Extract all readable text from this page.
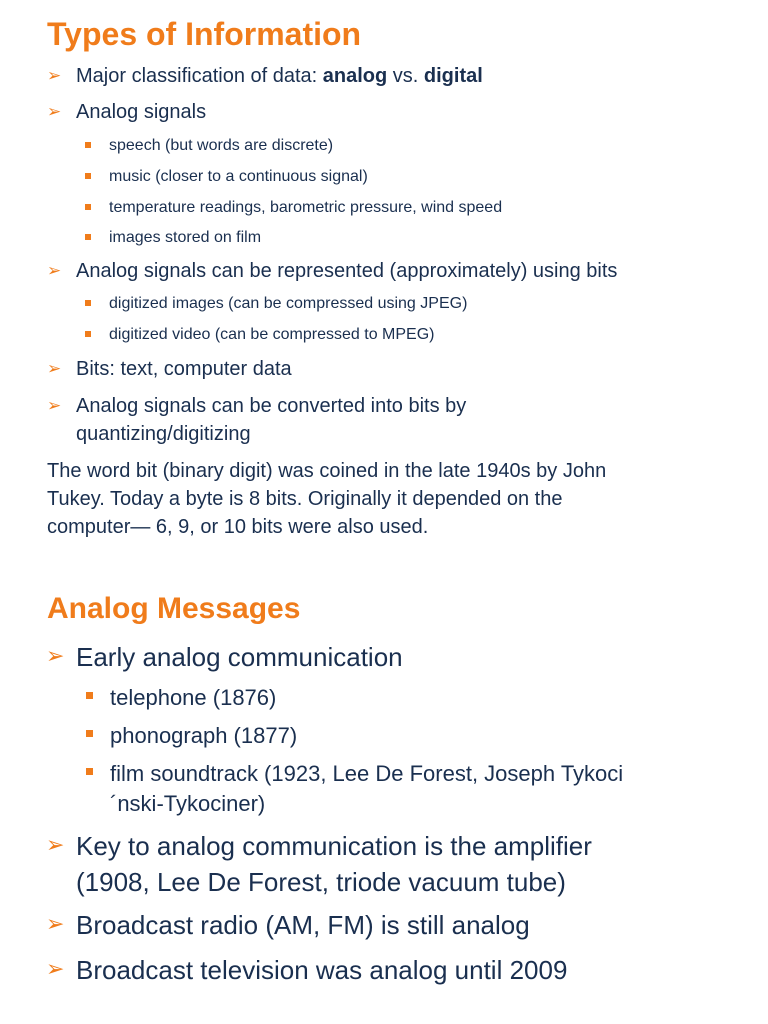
Types of Information
➢ Major classification of data: analog vs. digital
➢ Analog signals
speech (but words are discrete)
music (closer to a continuous signal)
temperature readings, barometric pressure, wind speed
images stored on film
➢ Analog signals can be represented (approximately) using bits
digitized images (can be compressed using JPEG)
digitized video (can be compressed to MPEG)
➢ Bits: text, computer data
➢ Analog signals can be converted into bits by
quantizing/digitizing
The word bit (binary digit) was coined in the late 1940s by John
Tukey. Today a byte is 8 bits. Originally it depended on the
computer— 6, 9, or 10 bits were also used.
Analog Messages
➢ Early analog communication
telephone (1876)
phonograph (1877)
film soundtrack (1923, Lee De Forest, Joseph Tykoci
´nski-Tykociner)
➢ Key to analog communication is the amplifier
(1908, Lee De Forest, triode vacuum tube)
➢ Broadcast radio (AM, FM) is still analog
➢ Broadcast television was analog until 2009
